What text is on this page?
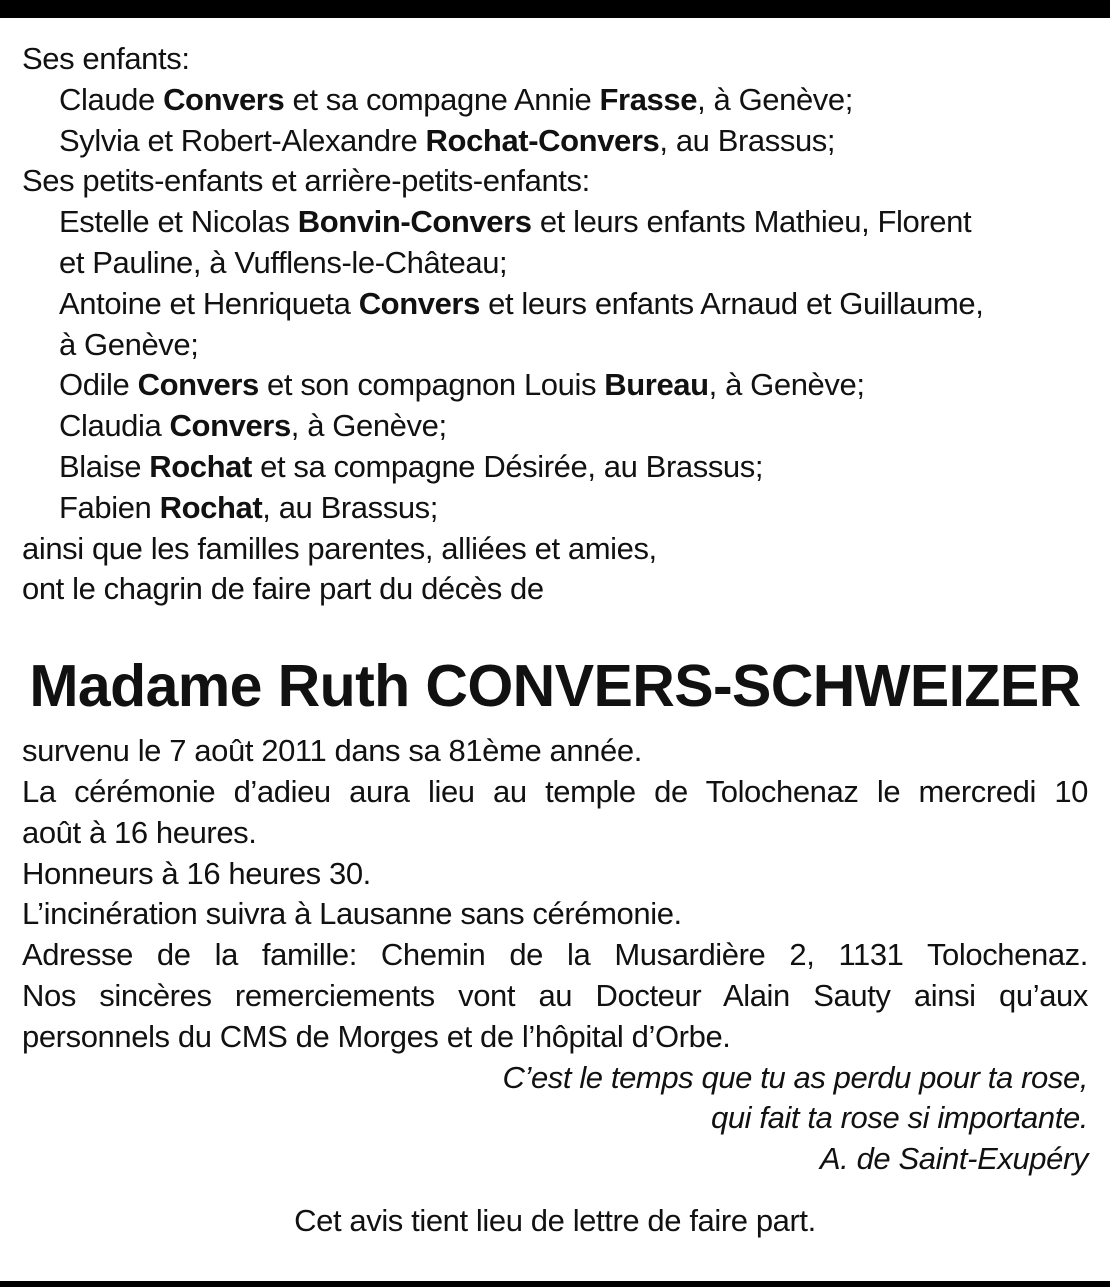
Ses enfants:
Claude Convers et sa compagne Annie Frasse, à Genève;
Sylvia et Robert-Alexandre Rochat-Convers, au Brassus;
Ses petits-enfants et arrière-petits-enfants:
Estelle et Nicolas Bonvin-Convers et leurs enfants Mathieu, Florent
et Pauline, à Vufflens-le-Château;
Antoine et Henriqueta Convers et leurs enfants Arnaud et Guillaume,
à Genève;
Odile Convers et son compagnon Louis Bureau, à Genève;
Claudia Convers, à Genève;
Blaise Rochat et sa compagne Désirée, au Brassus;
Fabien Rochat, au Brassus;
ainsi que les familles parentes, alliées et amies,
ont le chagrin de faire part du décès de
Madame Ruth CONVERS-SCHWEIZER
survenu le 7 août 2011 dans sa 81ème année.
La cérémonie d’adieu aura lieu au temple de Tolochenaz le mercredi 10
août à 16 heures.
Honneurs à 16 heures 30.
L’incinération suivra à Lausanne sans cérémonie.
Adresse de la famille: Chemin de la Musardière 2, 1131 Tolochenaz.
Nos sincères remerciements vont au Docteur Alain Sauty ainsi qu’aux
personnels du CMS de Morges et de l’hôpital d’Orbe.
C’est le temps que tu as perdu pour ta rose,
qui fait ta rose si importante.
A. de Saint-Exupéry
Cet avis tient lieu de lettre de faire part.
